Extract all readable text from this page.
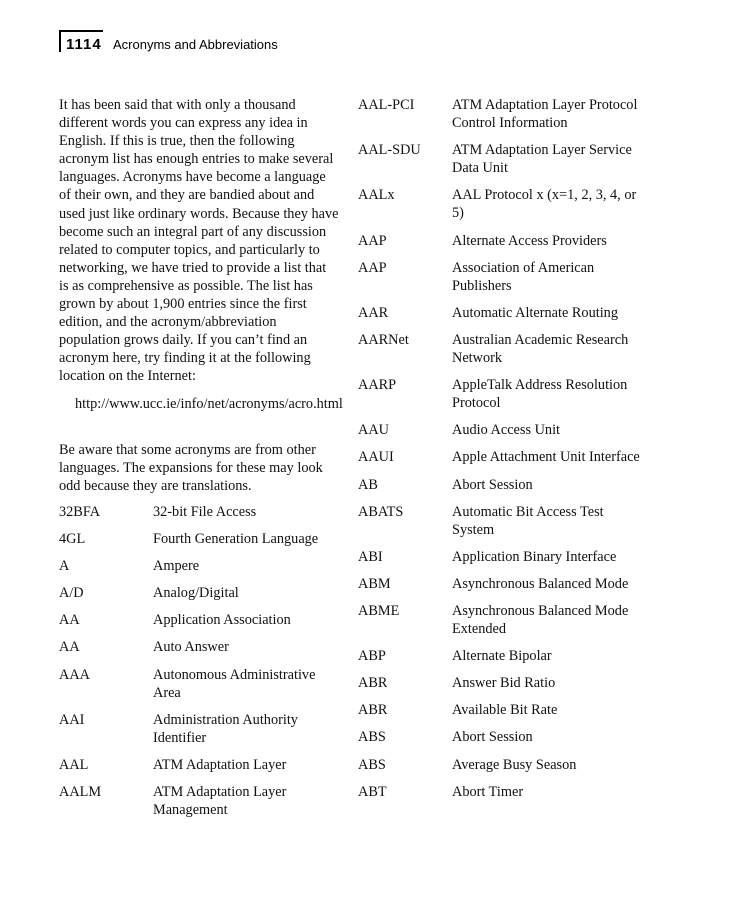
1114 Acronyms and Abbreviations

It has been said that with only a thousand different words you can express any idea in English. If this is true, then the following acronym list has enough entries to make several languages. Acronyms have become a language of their own, and they are bandied about and used just like ordinary words. Because they have become such an integral part of any discussion related to computer topics, and particularly to networking, we have tried to provide a list that is as comprehensive as possible. The list has grown by about 1,900 entries since the first edition, and the acronym/abbreviation population grows daily. If you can’t find an acronym here, try finding it at the following location on the Internet:

http://www.ucc.ie/info/net/acronyms/acro.html
Be aware that some acronyms are from other languages. The expansions for these may look odd because they are translations.
32BFA	32-bit File Access
4GL	Fourth Generation Language
A	Ampere
A/D	Analog/Digital
AA	Application Association
AA	Auto Answer
AAA	Autonomous Administrative Area
AAI	Administration Authority Identifier
AAL	ATM Adaptation Layer
AALM	ATM Adaptation Layer Management
AAL-PCI	ATM Adaptation Layer Protocol Control Information
AAL-SDU	ATM Adaptation Layer Service Data Unit
AALx	AAL Protocol x (x=1, 2, 3, 4, or 5)
AAP	Alternate Access Providers
AAP	Association of American Publishers
AAR	Automatic Alternate Routing
AARNet	Australian Academic Research Network
AARP	AppleTalk Address Resolution Protocol
AAU	Audio Access Unit
AAUI	Apple Attachment Unit Interface
AB	Abort Session
ABATS	Automatic Bit Access Test System
ABI	Application Binary Interface
ABM	Asynchronous Balanced Mode
ABME	Asynchronous Balanced Mode Extended
ABP	Alternate Bipolar
ABR	Answer Bid Ratio
ABR	Available Bit Rate
ABS	Abort Session
ABS	Average Busy Season
ABT	Abort Timer
